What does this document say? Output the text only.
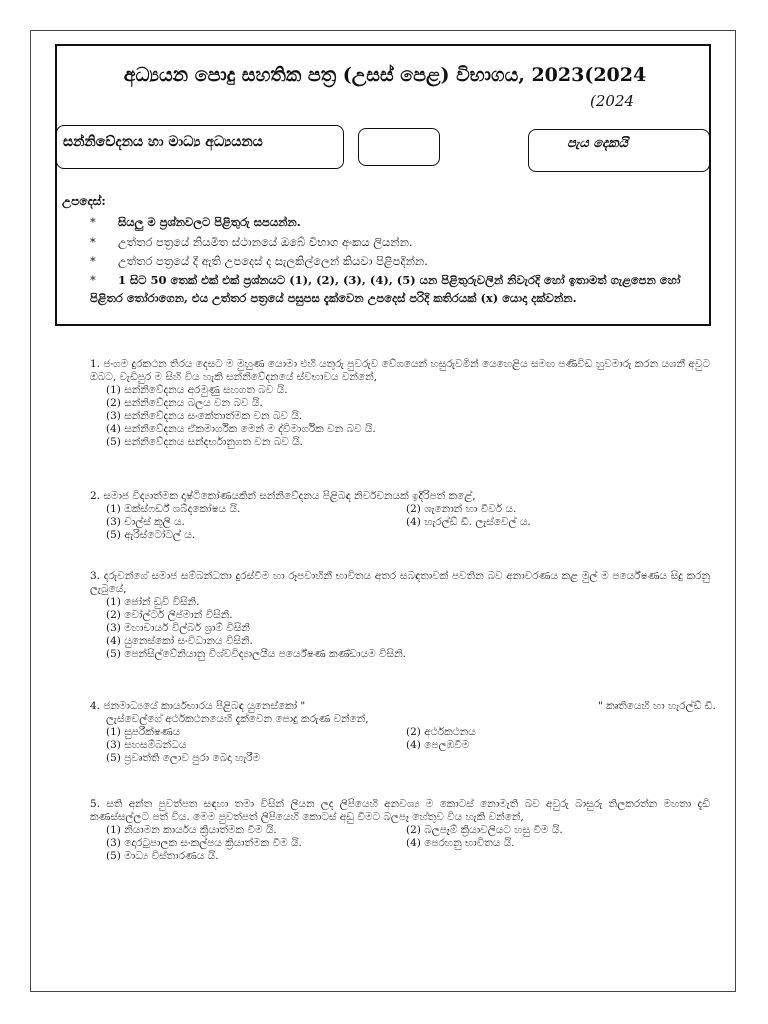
අධ්‍යයන පොදු සහතික පත්‍ර (උසස් පෙළ) විභාගය, 2023(2024
(2024
සන්නිවේදනය හා මාධ්‍ය අධ්‍යයනය	පැය දෙකයි
උපදෙස්:
* සියලු ම ප්‍රශ්නවලට පිළිතුරු සපයන්න.
* උත්තර පත්‍රයේ නියමිත ස්ථානයේ ඔබේ විභාග අංකය ලියන්න.
* උත්තර පත්‍රයේ දී ඇති උපදෙස් ද සැලකිල්ලෙන් කියවා පිළිපදින්න.
* 1 සිට 50 තෙක් එක් එක් ප්‍රශ්නයට (1), (2), (3), (4), (5) යන පිළිතුරුවලින් නිවැරදි හෝ ඉතාමත් ගැළපෙන හෝ පිළිතර තෝරාගෙන, එය උත්තර පත්‍රයේ පසුපස දැක්වෙන උපදෙස් පරිදි කතිරයක් (x) යොදා දක්වන්න.

1. ජංගම දුරකථන තිරය දෙසට ම මුහුණ යොමා එහි යතුරු පුවරුව වේගයෙන් හසුරුවමින් යෙහෙළිය සමඟ පණිවිඩ හුවමාරු කරන යශනී අවුට ඔබට, වැඩිපුර ම සිහි විය හැකි සන්නිවේදනයේ ස්වභාවය වන්නේ,

(1) සන්නිවේදනය අරමුණු සහගත බව යි.

(2) සන්නිවේදනය බලය වන බව යි.

(3) සන්නිවේදනය සංකේතාත්මක වන බව යි.

(4) සන්නිවේදනය ඒකමාර්ගික මෙන් ම ද්විමාර්ගික වන බව යි.

(5) සන්නිවේදනය සන්දර්භානුගත වන බව යි.

2. සමාජ විද්‍යාත්මක දෘෂ්ටිකෝණයකින් සන්නිවේදනය පිළිබඳ නිර්වචනයක් ඉදිරිපත් කළේ,

(1) ඔක්ස්ෆර්ඩ් ශබ්දකෝෂය යි.	(2) ශැනොන් හා වීවර් ය.
(3) චාල්ස් කූලි ය.	(4) හැරල්ඩ් ඩී. ලැස්වෙල් ය.
(5) ඇරිස්ටෝටල් ය.

3. දරුවන්ගේ සමාජ සම්බන්ධතා දුරස්වීම හා රූපවාහිනී භාවිතය අතර සබඳතාවක් පවතින බව අනාවරණය කළ මුල් ම පර්යේෂණය සිදු කරනු ලැබුයේ,

(1) ජෝන් ඩුවි විසිනි.

(2) වෝල්ටර් ලිප්මාන් විසිනි.

(3) මහාචාර්ය විල්බර් ශ්‍රාම් විසිනි

(4) යුනෙස්කෝ සංවිධානය විසිනි.

(5) පෙන්සිල්වේනියානු විශ්වවිද්‍යාලයීය පර්යේෂණ කණ්ඩායම විසිනි.

4. ජනමාධ්‍යයේ කාර්යභාරය පිළිබඳ යුනෙස්කෝ "	" කෘතියෙහි හා හැරල්ඩ් ඩී.

ලැස්වෙල්ගේ අර්ථකථනයෙහි දැක්වෙන පොදු කරුණ වන්නේ,

(1) සුපරීක්ෂණය	(2) අර්ථකථනය
(3) සහසම්බන්ධය	(4) පෙලඹවීම
(5) ප්‍රවෘත්ති ලොව පුරා බෙදා හැරීම

5. සති අන්ත පුවත්පත සඳහා තමා විසින් ලියන ලද ලිපියෙහි අනවශ්‍ය ම කොටස් නොමැති බව අවුරු බාසුරු තිලකරත්න මහතා දැඩි කණස්සල්ලට පත් විය. මෙම පුවත්පත් ලිපියෙහි කොටස් අඩු වීමට බලපෑ හේතුව විය හැකි වන්නේ,

(1) නියාමන කාර්යය ක්‍රියාත්මක වීම යි.	(2) බලපෑම් ක්‍රියාවලියට හසු වීම යි.
(3) දොරටුපාලක සංකල්පය ක්‍රියාත්මක වීම යි.	(4) පෙරහනු භාවිතය යි.
(5) මාධ්‍ය විස්තාරණය යි.
